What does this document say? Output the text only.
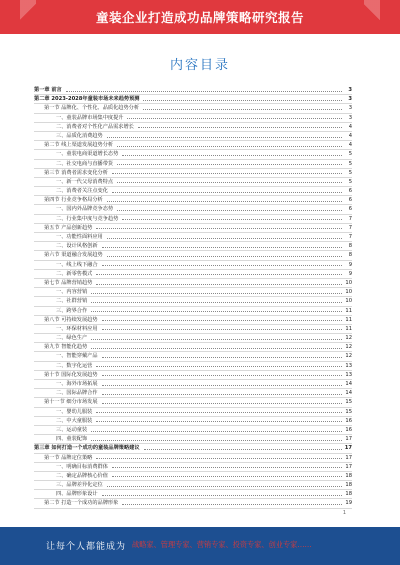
童装企业打造成功品牌策略研究报告
内容目录
第一章 前言	3
第二章 2023-2028年童装市场未来趋势预测	3
第一节 品牌化、个性化、品质化趋势分析	3
一、童装品牌市场集中度提升	3
二、消费者对个性化产品需求增长	4
三、品质化消费趋势	4
第二节 线上渠道发展趋势分析	4
一、童装电商渠道增长态势	5
二、社交电商与直播带货	5
第三节 消费者需求变化分析	5
一、新一代父母消费特点	5
二、消费者关注点变化	6
第四节 行业竞争格局分析	6
一、国内外品牌竞争态势	6
二、行业集中度与竞争趋势	7
第五节 产品创新趋势	7
一、功能性面料应用	7
二、设计风格创新	8
第六节 渠道融合发展趋势	8
一、线上线下融合	9
二、新零售模式	9
第七节 品牌营销趋势	10
一、内容营销	10
二、社群营销	10
三、跨界合作	11
第八节 可持续发展趋势	11
一、环保材料应用	11
二、绿色生产	12
第九节 智能化趋势	12
一、智能穿戴产品	12
二、数字化运营	13
第十节 国际化发展趋势	13
一、海外市场拓展	14
二、国际品牌合作	14
第十一节 细分市场发展	15
一、婴幼儿服装	15
二、中大童服装	16
三、运动童装	16
四、童装配饰	17
第三章 如何打造一个成功的童装品牌策略建议	17
第一节 品牌定位策略	17
一、明确目标消费群体	17
二、确定品牌核心价值	18
三、品牌差异化定位	18
四、品牌形象设计	18
第二节 打造一个成功的品牌形象	19
1
让每个人都能成为 战略家、管理专家、营销专家、投资专家、创业专家……
